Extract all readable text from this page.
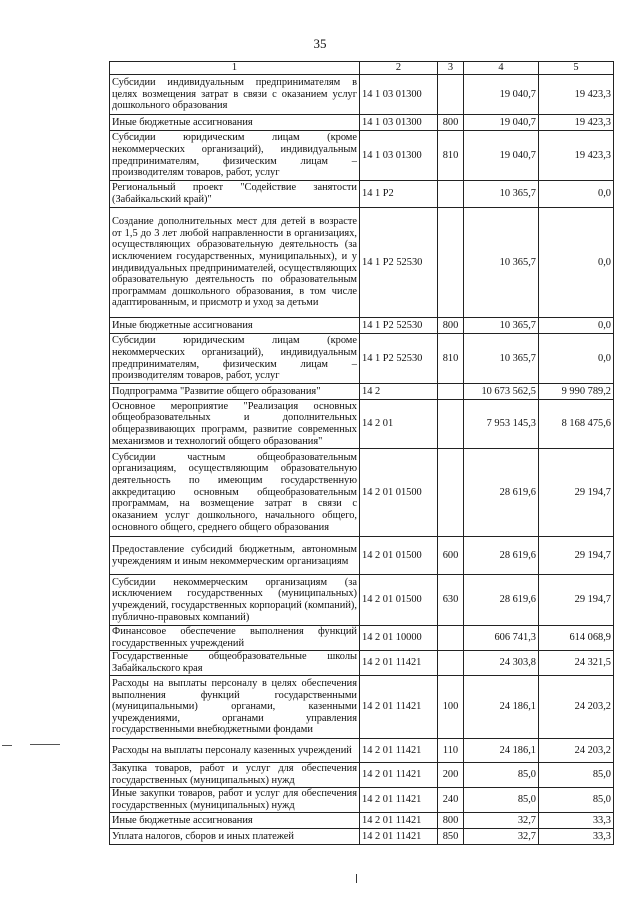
35
1	2	3	4	5
Субсидии индивидуальным предпринимателям в целях возмещения затрат в связи с оказанием услуг дошкольного образования	14 1 03 01300		19 040,7	19 423,3
Иные бюджетные ассигнования	14 1 03 01300	800	19 040,7	19 423,3
Субсидии юридическим лицам (кроме некоммерческих организаций), индивидуальным предпринимателям, физическим лицам – производителям товаров, работ, услуг	14 1 03 01300	810	19 040,7	19 423,3
Региональный проект "Содействие занятости (Забайкальский край)"	14 1 P2		10 365,7	0,0
Создание дополнительных мест для детей в возрасте от 1,5 до 3 лет любой направленности в организациях, осуществляющих образовательную деятельность (за исключением государственных, муниципальных), и у индивидуальных предпринимателей, осуществляющих образовательную деятельность по образовательным программам дошкольного образования, в том числе адаптированным, и присмотр и уход за детьми	14 1 P2 52530		10 365,7	0,0
Иные бюджетные ассигнования	14 1 P2 52530	800	10 365,7	0,0
Субсидии юридическим лицам (кроме некоммерческих организаций), индивидуальным предпринимателям, физическим лицам – производителям товаров, работ, услуг	14 1 P2 52530	810	10 365,7	0,0
Подпрограмма "Развитие общего образования"	14 2		10 673 562,5	9 990 789,2
Основное мероприятие "Реализация основных общеобразовательных и дополнительных общеразвивающих программ, развитие современных механизмов и технологий общего образования"	14 2 01		7 953 145,3	8 168 475,6
Субсидии частным общеобразовательным организациям, осуществляющим образовательную деятельность по имеющим государственную аккредитацию основным общеобразовательным программам, на возмещение затрат в связи с оказанием услуг дошкольного, начального общего, основного общего, среднего общего образования	14 2 01 01500		28 619,6	29 194,7
Предоставление субсидий бюджетным, автономным учреждениям и иным некоммерческим организациям	14 2 01 01500	600	28 619,6	29 194,7
Субсидии некоммерческим организациям (за исключением государственных (муниципальных) учреждений, государственных корпораций (компаний), публично-правовых компаний)	14 2 01 01500	630	28 619,6	29 194,7
Финансовое обеспечение выполнения функций государственных учреждений	14 2 01 10000		606 741,3	614 068,9
Государственные общеобразовательные школы Забайкальского края	14 2 01 11421		24 303,8	24 321,5
Расходы на выплаты персоналу в целях обеспечения выполнения функций государственными (муниципальными) органами, казенными учреждениями, органами управления государственными внебюджетными фондами	14 2 01 11421	100	24 186,1	24 203,2
Расходы на выплаты персоналу казенных учреждений	14 2 01 11421	110	24 186,1	24 203,2
Закупка товаров, работ и услуг для обеспечения государственных (муниципальных) нужд	14 2 01 11421	200	85,0	85,0
Иные закупки товаров, работ и услуг для обеспечения государственных (муниципальных) нужд	14 2 01 11421	240	85,0	85,0
Иные бюджетные ассигнования	14 2 01 11421	800	32,7	33,3
Уплата налогов, сборов и иных платежей	14 2 01 11421	850	32,7	33,3
